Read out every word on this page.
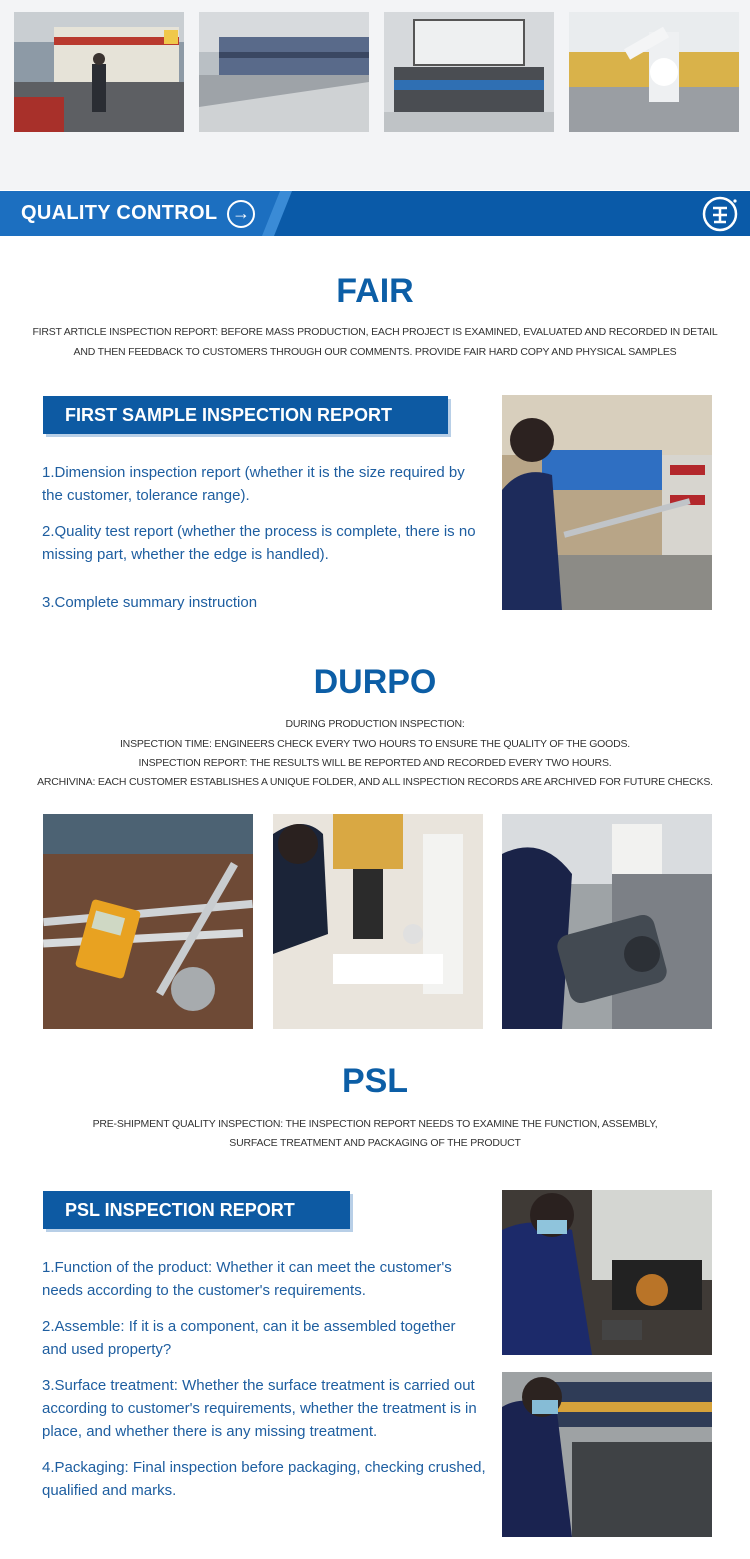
QUALITY CONTROL →
FAIR
FIRST ARTICLE INSPECTION REPORT: BEFORE MASS PRODUCTION, EACH PROJECT IS EXAMINED, EVALUATED AND RECORDED IN DETAIL
AND THEN FEEDBACK TO CUSTOMERS THROUGH OUR COMMENTS. PROVIDE FAIR HARD COPY AND PHYSICAL SAMPLES
FIRST SAMPLE INSPECTION REPORT
1.Dimension inspection report (whether it is the size required by the customer, tolerance range).
2.Quality test report (whether the process is complete, there is no missing part, whether the edge is handled).
3.Complete summary instruction
DURPO
DURING PRODUCTION INSPECTION:
INSPECTION TIME: ENGINEERS CHECK EVERY TWO HOURS TO ENSURE THE QUALITY OF THE GOODS.
INSPECTION REPORT: THE RESULTS WILL BE REPORTED AND RECORDED EVERY TWO HOURS.
ARCHIVINA: EACH CUSTOMER ESTABLISHES A UNIQUE FOLDER, AND ALL INSPECTION RECORDS ARE ARCHIVED FOR FUTURE CHECKS.
PSL
PRE-SHIPMENT QUALITY INSPECTION: THE INSPECTION REPORT NEEDS TO EXAMINE THE FUNCTION, ASSEMBLY,
SURFACE TREATMENT AND PACKAGING OF THE PRODUCT
PSL INSPECTION REPORT
1.Function of the product: Whether it can meet the customer's needs according to the customer's requirements.
2.Assemble: If it is a component, can it be assembled together and used property?
3.Surface treatment: Whether the surface treatment is carried out according to customer's requirements, whether the treatment is in place, and whether there is any missing treatment.
4.Packaging: Final inspection before packaging, checking crushed, qualified and marks.
